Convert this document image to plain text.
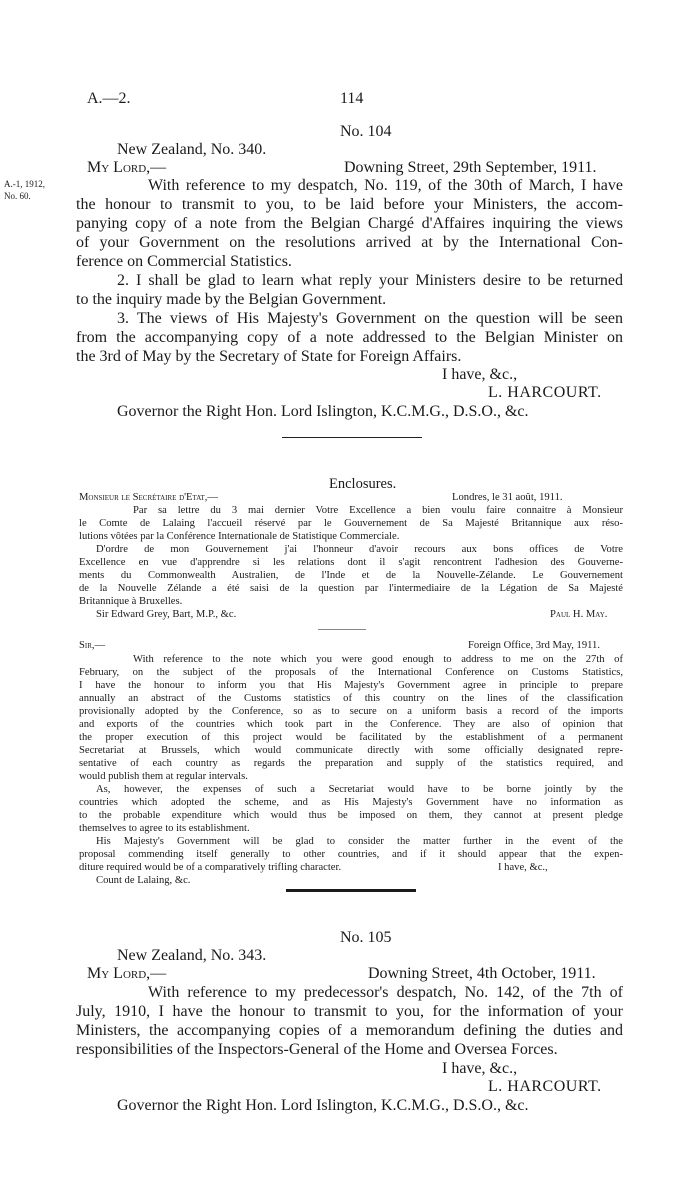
A.—2.	114
No. 104
New Zealand, No. 340.
My Lord,—	Downing Street, 29th September, 1911.
A.-1, 1912,
No. 60.
With reference to my despatch, No. 119, of the 30th of March, I have
the honour to transmit to you, to be laid before your Ministers, the accom-
panying copy of a note from the Belgian Chargé d'Affaires inquiring the views
of your Government on the resolutions arrived at by the International Con-
ference on Commercial Statistics.
2. I shall be glad to learn what reply your Ministers desire to be returned
to the inquiry made by the Belgian Government.
3. The views of His Majesty's Government on the question will be seen
from the accompanying copy of a note addressed to the Belgian Minister on
the 3rd of May by the Secretary of State for Foreign Affairs.
I have, &c.,
L. HARCOURT.
Governor the Right Hon. Lord Islington, K.C.M.G., D.S.O., &c.
Enclosures.
Monsieur le Secrétaire d'Etat,—	Londres, le 31 août, 1911.
Par sa lettre du 3 mai dernier Votre Excellence a bien voulu faire connaitre à Monsieur
le Comte de Lalaing l'accueil réservé par le Gouvernement de Sa Majesté Britannique aux réso-
lutions vôtées par la Conférence Internationale de Statistique Commerciale.
D'ordre de mon Gouvernement j'ai l'honneur d'avoir recours aux bons offices de Votre
Excellence en vue d'apprendre si les relations dont il s'agit rencontrent l'adhesion des Gouverne-
ments du Commonwealth Australien, de l'Inde et de la Nouvelle-Zélande. Le Gouvernement
de la Nouvelle Zélande a été saisi de la question par l'intermediaire de la Légation de Sa Majesté
Britannique à Bruxelles.
Sir Edward Grey, Bart, M.P., &c.	Paul H. May.
Sir,—	Foreign Office, 3rd May, 1911.
With reference to the note which you were good enough to address to me on the 27th of
February, on the subject of the proposals of the International Conference on Customs Statistics,
I have the honour to inform you that His Majesty's Government agree in principle to prepare
annually an abstract of the Customs statistics of this country on the lines of the classification
provisionally adopted by the Conference, so as to secure on a uniform basis a record of the imports
and exports of the countries which took part in the Conference. They are also of opinion that
the proper execution of this project would be facilitated by the establishment of a permanent
Secretariat at Brussels, which would communicate directly with some officially designated repre-
sentative of each country as regards the preparation and supply of the statistics required, and
would publish them at regular intervals.
As, however, the expenses of such a Secretariat would have to be borne jointly by the
countries which adopted the scheme, and as His Majesty's Government have no information as
to the probable expenditure which would thus be imposed on them, they cannot at present pledge
themselves to agree to its establishment.
His Majesty's Government will be glad to consider the matter further in the event of the
proposal commending itself generally to other countries, and if it should appear that the expen-
diture required would be of a comparatively trifling character.	I have, &c.,
Count de Lalaing, &c.
No. 105
New Zealand, No. 343.
My Lord,—	Downing Street, 4th October, 1911.
With reference to my predecessor's despatch, No. 142, of the 7th of
July, 1910, I have the honour to transmit to you, for the information of your
Ministers, the accompanying copies of a memorandum defining the duties and
responsibilities of the Inspectors-General of the Home and Oversea Forces.
I have, &c.,
L. HARCOURT.
Governor the Right Hon. Lord Islington, K.C.M.G., D.S.O., &c.
